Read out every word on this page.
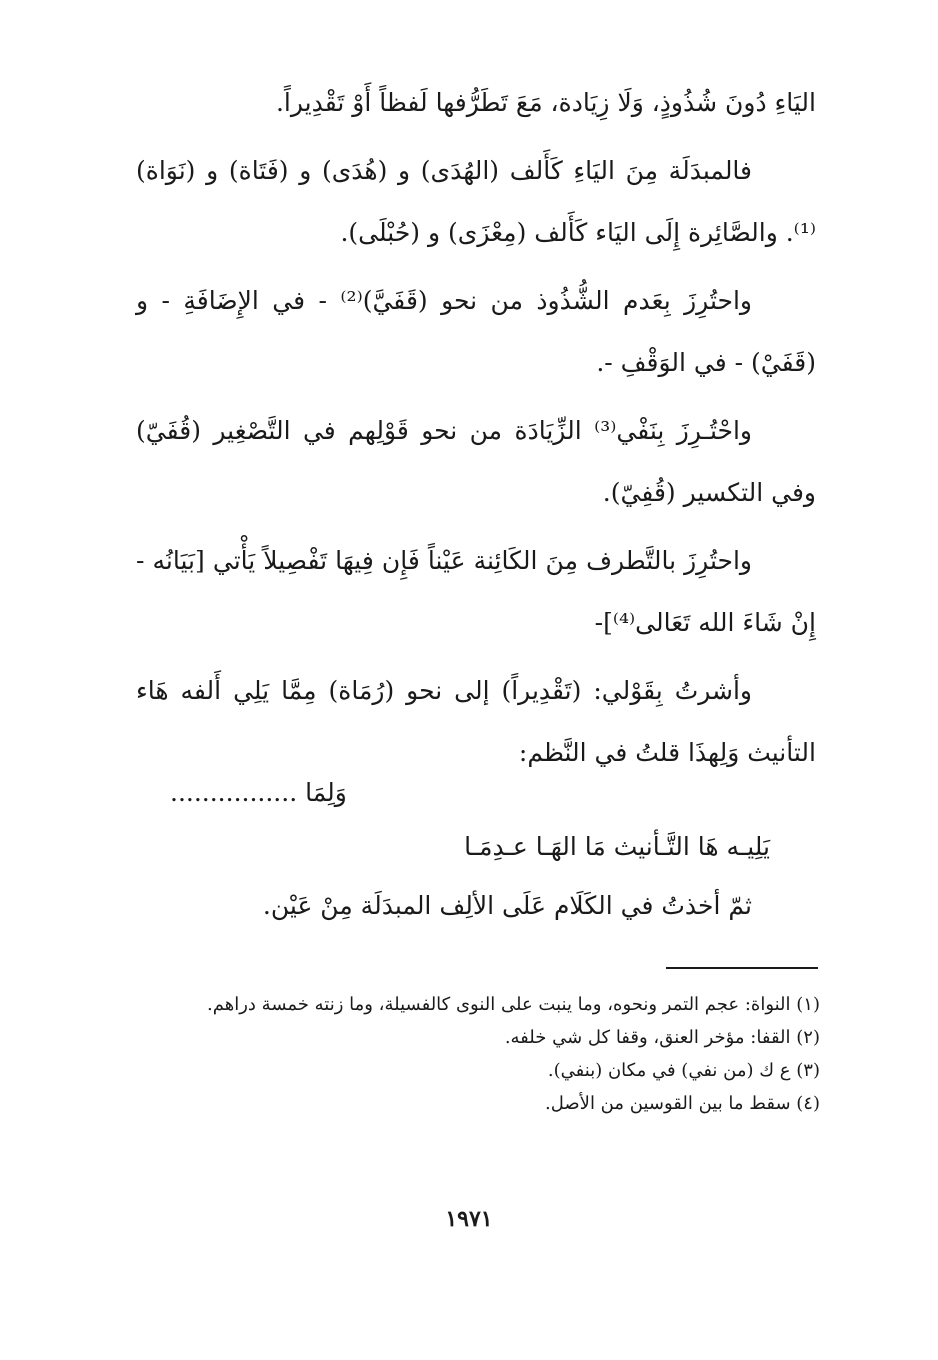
اليَاءِ دُونَ شُذُوذٍ، وَلَا زِيَادة، مَعَ تَطَرُّفها لَفظاً أَوْ تَقْدِيراً.

فالمبدَلَة مِنَ اليَاءِ كَأَلف (الهُدَى) و (هُدَى) و (فَتَاة) و (نَوَاة)⁽¹⁾. والصَّائِرة إِلَى اليَاء كَأَلف (مِعْزَى) و (حُبْلَى).

واحتُرِزَ بِعَدم الشُّذُوذ من نحو (قَفَيَّ)⁽²⁾ - في الإِضَافَةِ - و (قَفَيْ) - في الوَقْفِ -.

واحْتُـرِزَ بِنَفْي⁽³⁾ الزِّيَادَة من نحو قَوْلِهم في التَّصْغِير (قُفَيّ) وفي التكسير (قُفِيّ).

واحتُرِزَ بالتَّطرف مِنَ الكَائِنة عَيْناً فَإِن فِيهَا تَفْصِيلاً يَأْتي [بَيَانُه - إِنْ شَاءَ الله تَعَالى⁽⁴⁾]-

وأشرتُ بِقَوْلي: (تَقْدِيراً) إلى نحو (رُمَاة) مِمَّا يَلِي أَلفه هَاء التأنيث وَلِهذَا قلتُ في النَّظم:

وَلِمَا ................
يَلِيـه هَا التَّـأنيث مَا الهَـا عـدِمَـا
ثمّ أخذتُ في الكَلَام عَلَى الألِف المبدَلَة مِنْ عَيْن.

(١) النواة: عجم التمر ونحوه، وما ينبت على النوى كالفسيلة، وما زنته خمسة دراهم.

(٢) القفا: مؤخر العنق، وقفا كل شي خلفه.

(٣) ع ك (من نفي) في مكان (بنفي).

(٤) سقط ما بين القوسين من الأصل.

١٩٧١
